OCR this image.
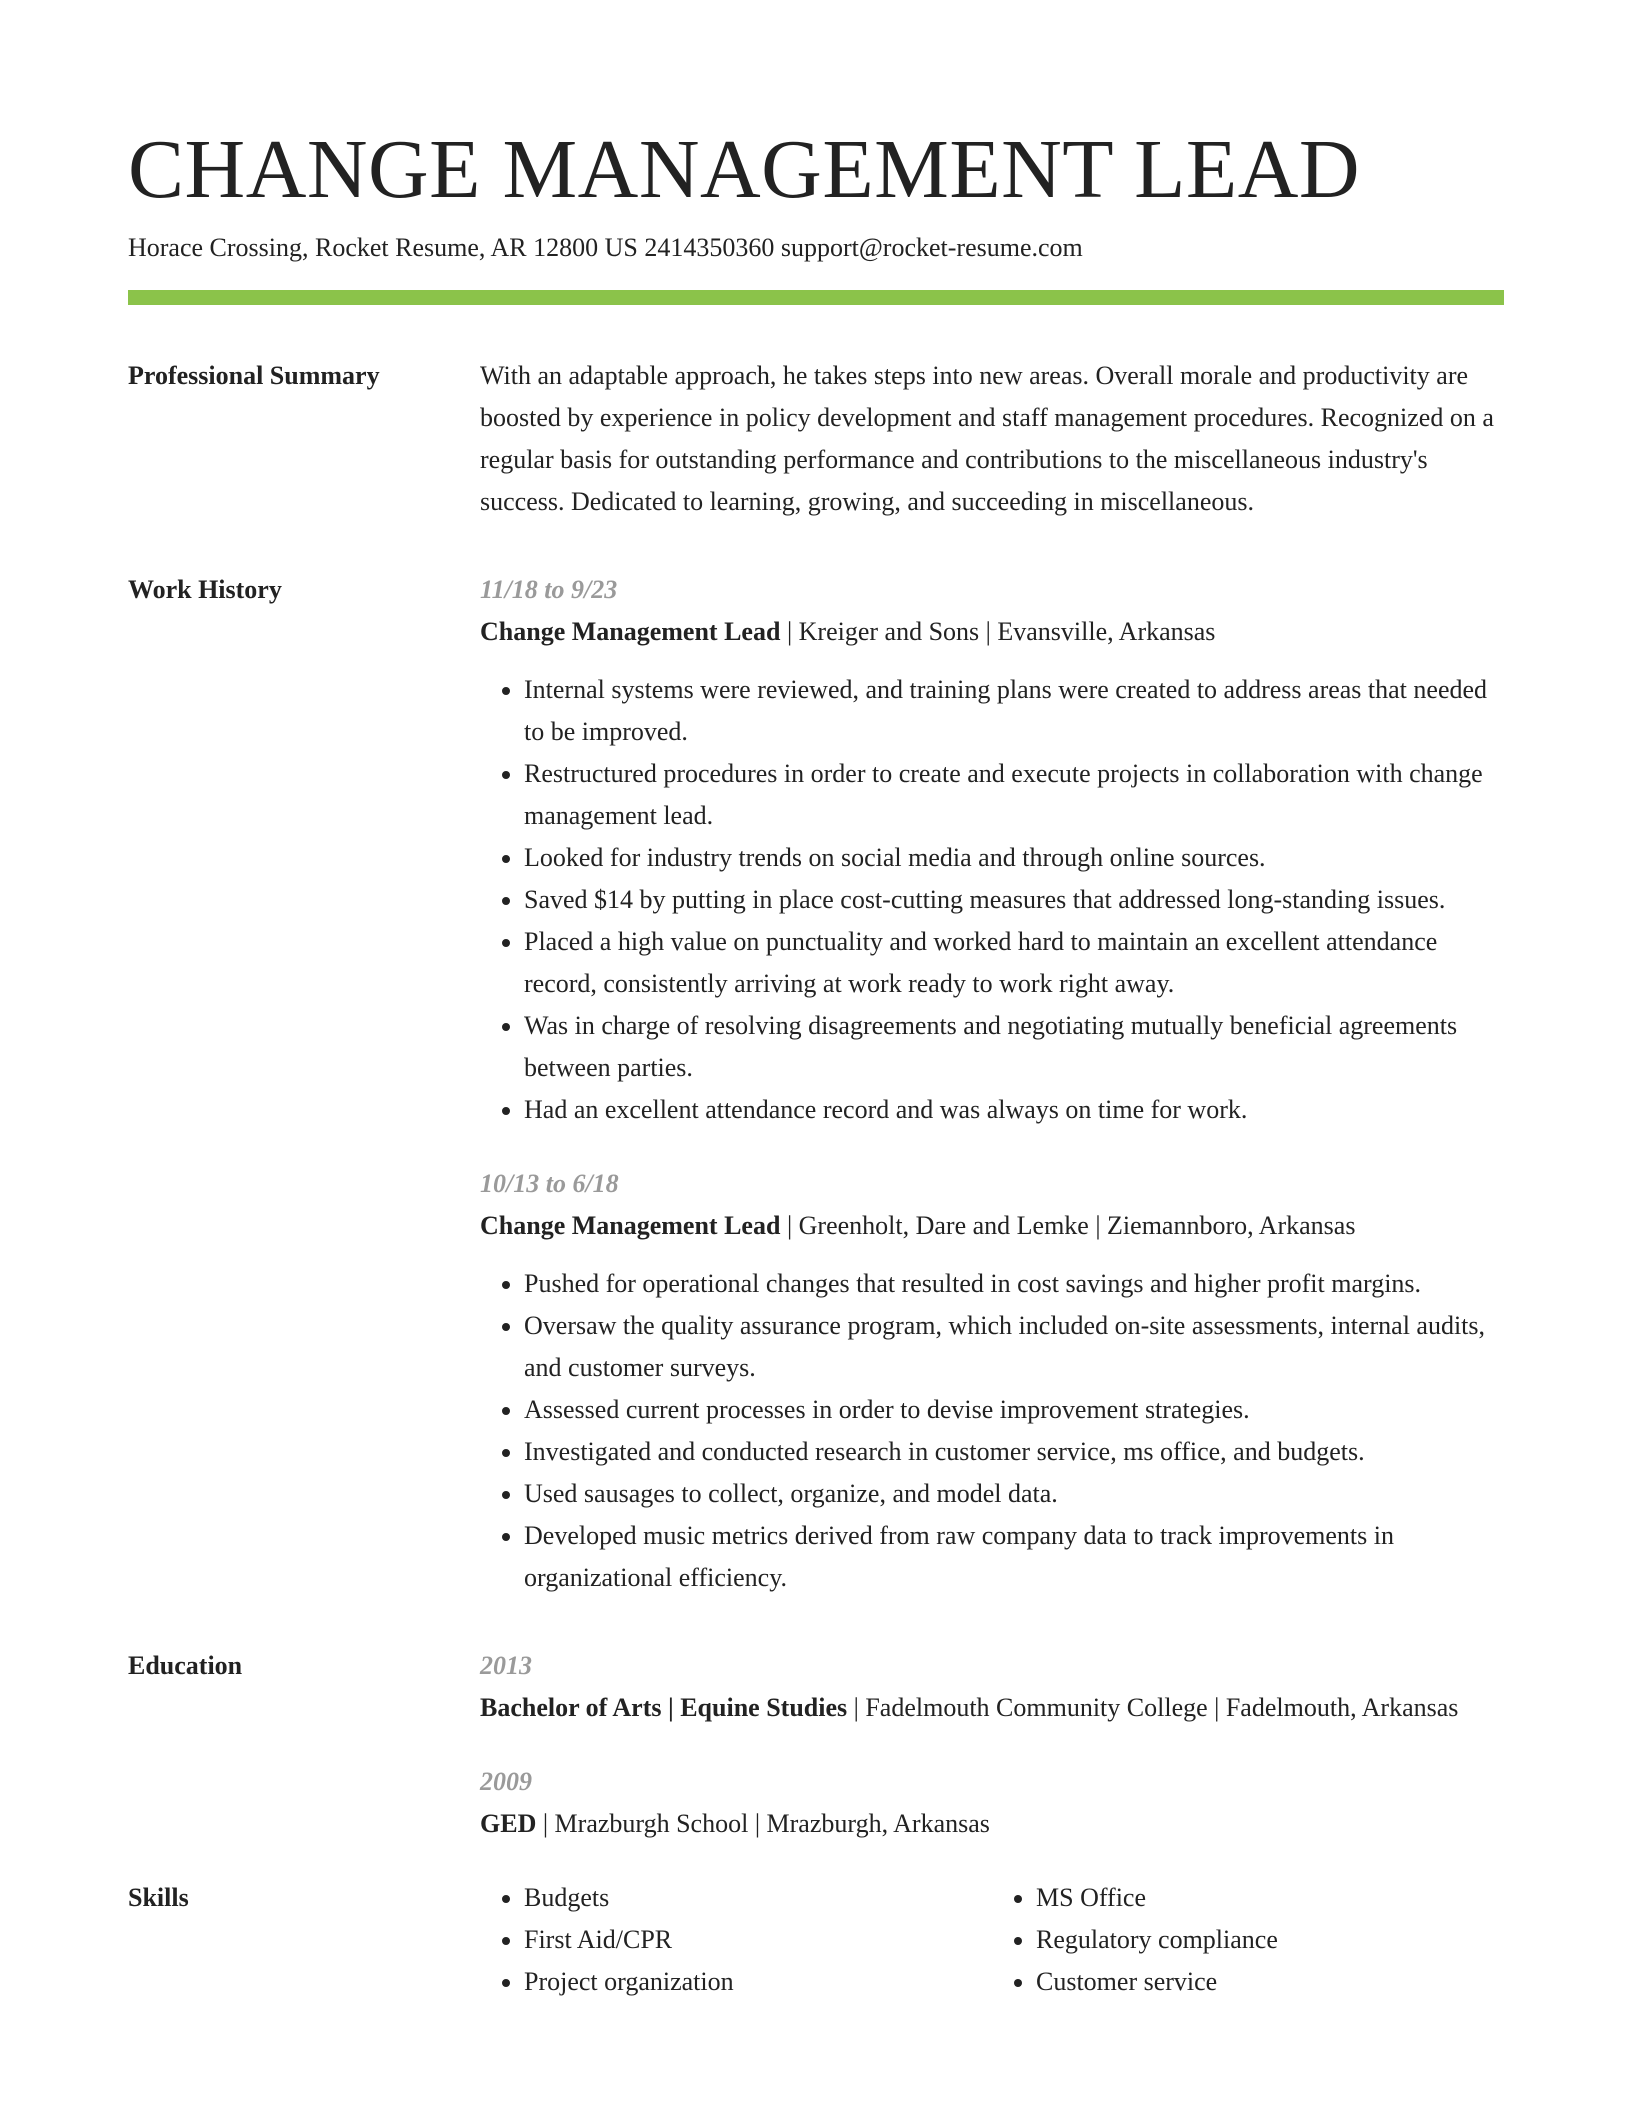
CHANGE MANAGEMENT LEAD
Horace Crossing, Rocket Resume, AR 12800 US 2414350360 support@rocket-resume.com
Professional Summary	With an adaptable approach, he takes steps into new areas. Overall morale and productivity are boosted by experience in policy development and staff management procedures. Recognized on a regular basis for outstanding performance and contributions to the miscellaneous industry's success. Dedicated to learning, growing, and succeeding in miscellaneous.

Work History	11/18 to 9/23
Change Management Lead | Kreiger and Sons | Evansville, Arkansas
• Internal systems were reviewed, and training plans were created to address areas that needed to be improved.
• Restructured procedures in order to create and execute projects in collaboration with change management lead.
• Looked for industry trends on social media and through online sources.
• Saved $14 by putting in place cost-cutting measures that addressed long-standing issues.
• Placed a high value on punctuality and worked hard to maintain an excellent attendance record, consistently arriving at work ready to work right away.
• Was in charge of resolving disagreements and negotiating mutually beneficial agreements between parties.
• Had an excellent attendance record and was always on time for work.
10/13 to 6/18
Change Management Lead | Greenholt, Dare and Lemke | Ziemannboro, Arkansas
• Pushed for operational changes that resulted in cost savings and higher profit margins.
• Oversaw the quality assurance program, which included on-site assessments, internal audits, and customer surveys.
• Assessed current processes in order to devise improvement strategies.
• Investigated and conducted research in customer service, ms office, and budgets.
• Used sausages to collect, organize, and model data.
• Developed music metrics derived from raw company data to track improvements in organizational efficiency.
Education	2013
Bachelor of Arts | Equine Studies | Fadelmouth Community College | Fadelmouth, Arkansas
2009
GED | Mrazburgh School | Mrazburgh, Arkansas
Skills
•	Budgets
• First Aid/CPR
• Project organization
• MS Office
• Regulatory compliance
• Customer service
